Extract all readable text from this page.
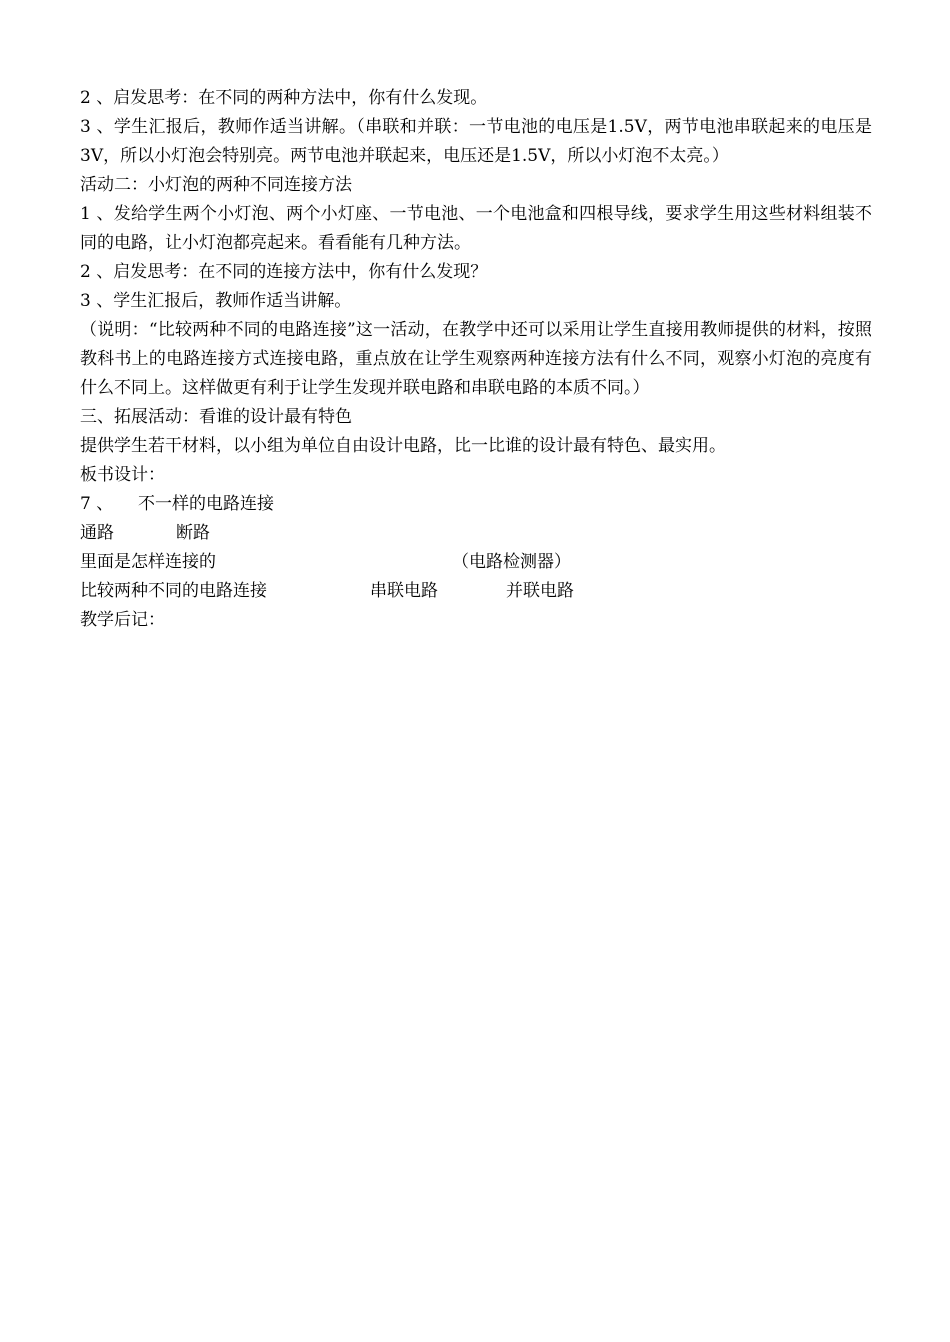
2 、启发思考：在不同的两种方法中，你有什么发现。

3 、学生汇报后，教师作适当讲解。（串联和并联：一节电池的电压是1.5V，两节电池串联起来的电压是3V，所以小灯泡会特别亮。两节电池并联起来，电压还是1.5V，所以小灯泡不太亮。）

活动二：小灯泡的两种不同连接方法

1 、发给学生两个小灯泡、两个小灯座、一节电池、一个电池盒和四根导线，要求学生用这些材料组装不同的电路，让小灯泡都亮起来。看看能有几种方法。

2 、启发思考：在不同的连接方法中，你有什么发现？

3 、学生汇报后，教师作适当讲解。

（说明：“比较两种不同的电路连接”这一活动，在教学中还可以采用让学生直接用教师提供的材料，按照教科书上的电路连接方式连接电路，重点放在让学生观察两种连接方法有什么不同，观察小灯泡的亮度有什么不同上。这样做更有利于让学生发现并联电路和串联电路的本质不同。）

三、拓展活动：看谁的设计最有特色

提供学生若干材料，以小组为单位自由设计电路，比一比谁的设计最有特色、最实用。

板书设计：

7 、 不一样的电路连接
通路	断路
里面是怎样连接的	（电路检测器）
比较两种不同的电路连接	串联电路	并联电路

教学后记：
